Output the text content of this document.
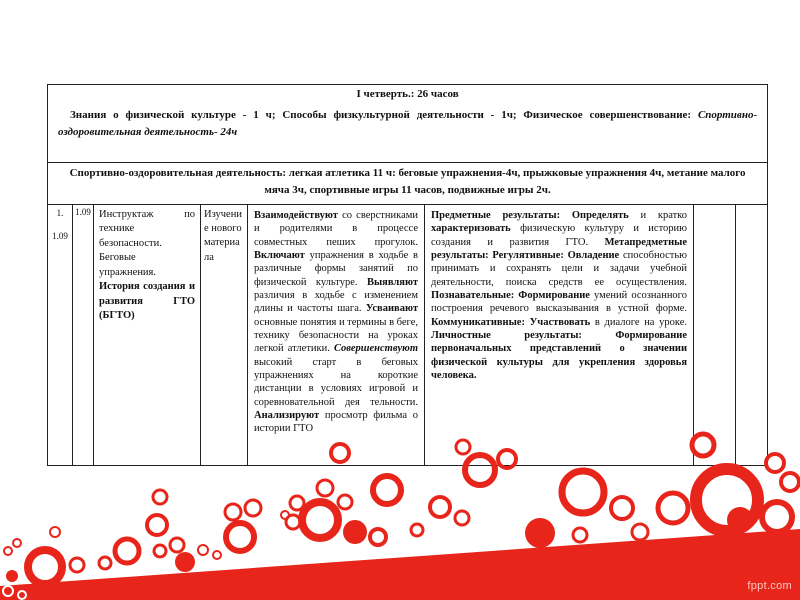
I четверть.: 26 часов
Знания о физической культуре - 1 ч; Способы физкультурной деятельности - 1ч; Физическое совершенствование: Спортивно-оздоровительная деятельность- 24ч

Спортивно-оздоровительная деятельность: легкая атлетика 11 ч: беговые упражнения-4ч, прыжковые упражнения 4ч, метание малого мяча 3ч, спортивные игры 11 часов, подвижные игры 2ч.

1.
1.09
	1.09	Инструктаж по технике безопасности. Беговые упражнения. История создания и развития ГТО (БГТО)	Изучение нового материала	Взаимодействуют со сверстниками и родителями в процессе совместных пеших прогулок. Включают упражнения в ходьбе в различные формы занятий по физической культуре. Выявляют различия в ходьбе с изменением длины и частоты шага. Усваивают основные понятия и термины в беге, технику безопасности на уроках легкой атлетики. Совершенствуют высокий старт в беговых упражнениях на короткие дистанции в условиях игровой и соревновательной дея тельности. Анализируют просмотр фильма о истории ГТО	Предметные результаты: Определять и кратко характеризовать физическую культуру и историю создания и развития ГТО. Метапредметные результаты: Регулятивные: Овладение способностью принимать и сохранять цели и задачи учебной деятельности, поиска средств ее осуществления. Познавательные: Формирование умений осознанного построения речевого высказывания в устной форме. Коммуникативные: Участвовать в диалоге на уроке. Личностные результаты: Формирование первоначальных представлений о значении физической культуры для укрепления здоровья человека.		
fppt.com
